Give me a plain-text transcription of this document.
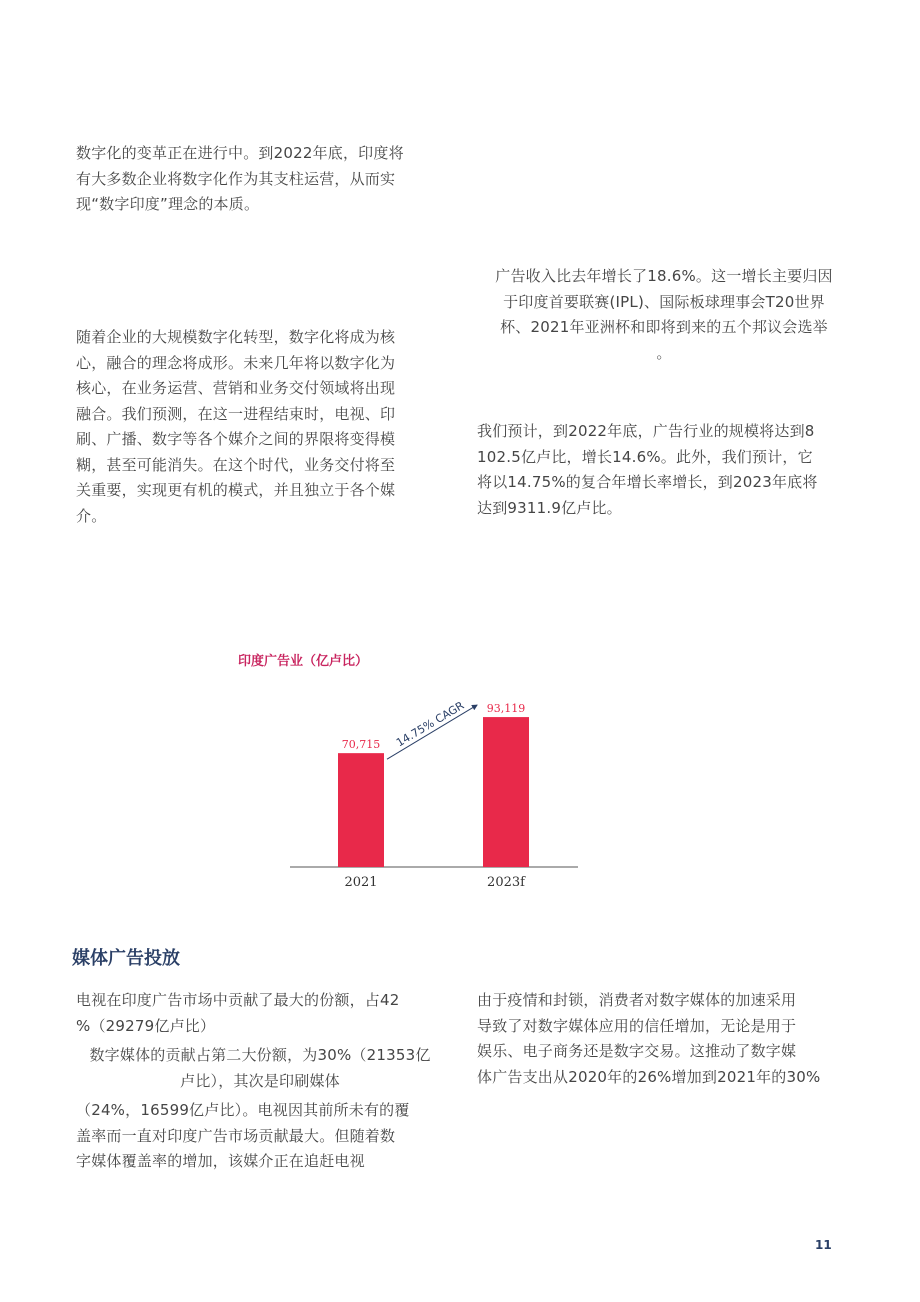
数字化的变革正在进行中。到2022年底，印度将
有大多数企业将数字化作为其支柱运营，从而实
现“数字印度”理念的本质。

随着企业的大规模数字化转型，数字化将成为核
心，融合的理念将成形。未来几年将以数字化为
核心，在业务运营、营销和业务交付领域将出现
融合。我们预测，在这一进程结束时，电视、印
刷、广播、数字等各个媒介之间的界限将变得模
糊，甚至可能消失。在这个时代，业务交付将至
关重要，实现更有机的模式，并且独立于各个媒
介。

广告收入比去年增长了18.6%。这一增长主要归因
于印度首要联赛(IPL)、国际板球理事会T20世界
杯、2021年亚洲杯和即将到来的五个邦议会选举
。

我们预计，到2022年底，广告行业的规模将达到8
102.5亿卢比，增长14.6%。此外，我们预计，它
将以14.75%的复合年增长率增长，到2023年底将
达到9311.9亿卢比。

印度广告业（亿卢比）
70,715
93,119
2021	2023f
14.75% CAGR
媒体广告投放

电视在印度广告市场中贡献了最大的份额，占42
%（29279亿卢比）

数字媒体的贡献占第二大份额，为30%（21353亿
卢比），其次是印刷媒体

（24%，16599亿卢比）。电视因其前所未有的覆
盖率而一直对印度广告市场贡献最大。但随着数
字媒体覆盖率的增加，该媒介正在追赶电视

由于疫情和封锁，消费者对数字媒体的加速采用
导致了对数字媒体应用的信任增加，无论是用于
娱乐、电子商务还是数字交易。这推动了数字媒
体广告支出从2020年的26%增加到2021年的30%

11
